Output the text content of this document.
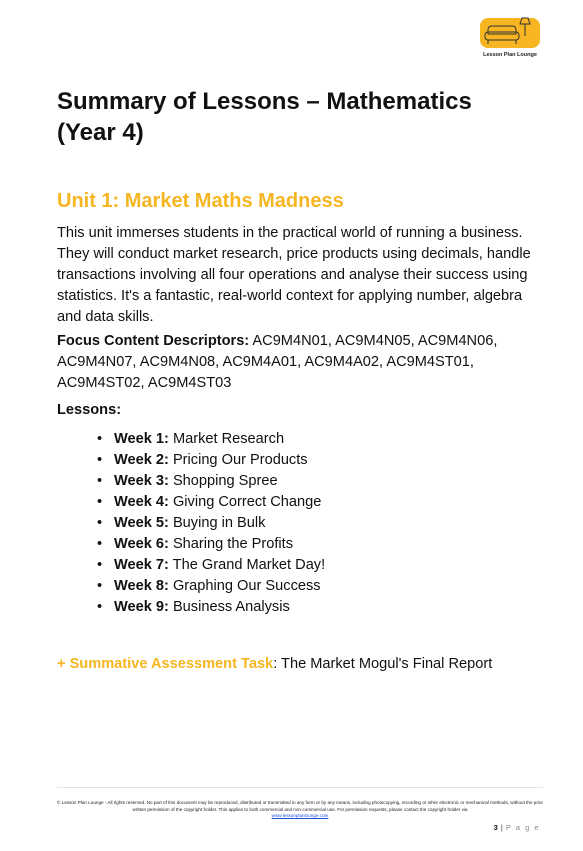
Lesson Plan Lounge
Summary of Lessons – Mathematics (Year 4)
Unit 1: Market Maths Madness

This unit immerses students in the practical world of running a business. They will conduct market research, price products using decimals, handle transactions involving all four operations and analyse their success using statistics. It's a fantastic, real-world context for applying number, algebra and data skills.

Focus Content Descriptors: AC9M4N01, AC9M4N05, AC9M4N06, AC9M4N07, AC9M4N08, AC9M4A01, AC9M4A02, AC9M4ST01, AC9M4ST02, AC9M4ST03

Lessons:

• Week 1: Market Research
• Week 2: Pricing Our Products
• Week 3: Shopping Spree
• Week 4: Giving Correct Change
• Week 5: Buying in Bulk
• Week 6: Sharing the Profits
• Week 7: The Grand Market Day!
• Week 8: Graphing Our Success
• Week 9: Business Analysis

+ Summative Assessment Task: The Market Mogul's Final Report

© Lesson Plan Lounge - All rights reserved. No part of this document may be reproduced, distributed or transmitted in any form or by any means, including photocopying, recording or other electronic or mechanical methods, without the prior written permission of the copyright holder. This applies to both commercial and non-commercial use. For permission requests, please contact the copyright holder via
www.lessonplanlounge.com

3 | P a g e
